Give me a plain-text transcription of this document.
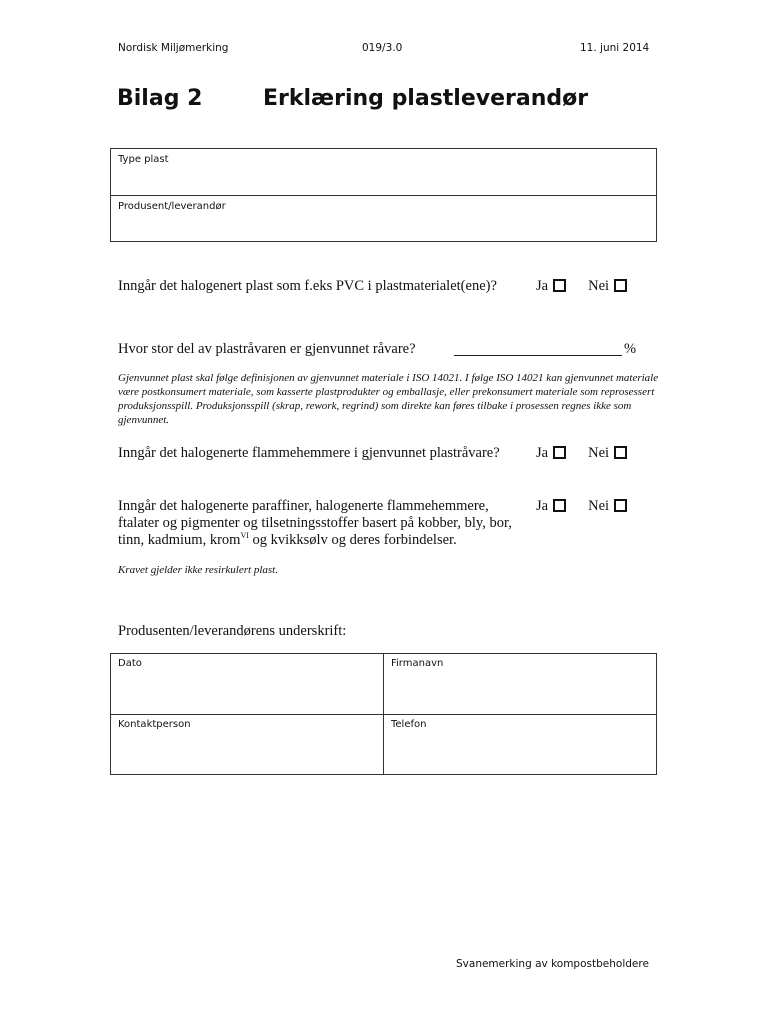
Nordisk Miljømerking	019/3.0	11. juni 2014
Bilag 2	Erklæring plastleverandør
Type plast
Produsent/leverandør
Inngår det halogenert plast som f.eks PVC i plastmaterialet(ene)?	Ja	Nei
Hvor stor del av plastråvaren er gjenvunnet råvare?	%
Gjenvunnet plast skal følge definisjonen av gjenvunnet materiale i ISO 14021. I følge ISO 14021 kan gjenvunnet materiale være postkonsumert materiale, som kasserte plastprodukter og emballasje, eller prekonsumert materiale som reprosessert produksjonsspill. Produksjonsspill (skrap, rework, regrind) som direkte kan føres tilbake i prosessen regnes ikke som gjenvunnet.
Inngår det halogenerte flammehemmere i gjenvunnet plastråvare?	Ja	Nei
Inngår det halogenerte paraffiner, halogenerte flammehemmere, ftalater og pigmenter og tilsetningsstoffer basert på kobber, bly, bor, tinn, kadmium, krom$^{VI}$ og kvikksølv og deres forbindelser.
Ja	Nei
Kravet gjelder ikke resirkulert plast.
Produsenten/leverandørens underskrift:
Dato	Firmanavn
Kontaktperson	Telefon
Svanemerking av kompostbeholdere
